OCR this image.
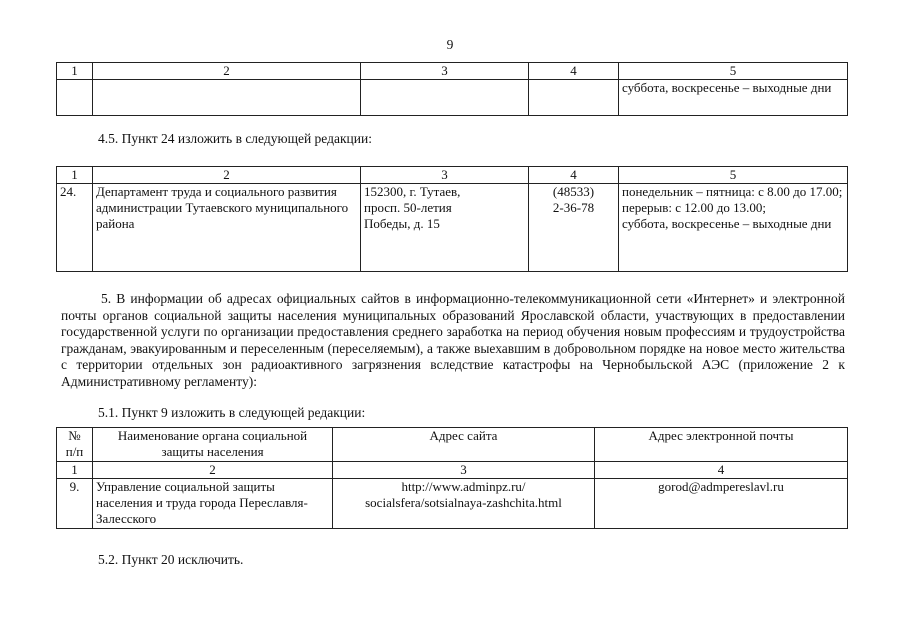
9
1	2	3	4	5
				суббота, воскресенье – выходные дни
4.5. Пункт 24 изложить в следующей редакции:
1	2	3	4	5
24.	Департамент труда и социального развития администрации Тутаевского муниципального района	152300, г. Тутаев,
просп. 50-летия
Победы, д. 15	(48533)
2-36-78	понедельник – пятница: с 8.00 до 17.00;
перерыв: с 12.00 до 13.00;
суббота, воскресенье – выходные дни
5. В информации об адресах официальных сайтов в информационно-телекоммуникационной сети «Интернет» и электронной почты органов социальной защиты населения муниципальных образований Ярославской области, участвующих в предоставлении государственной услуги по организации предоставления среднего заработка на период обучения новым профессиям и трудоустройства гражданам, эвакуированным и переселенным (переселяемым), а также выехавшим в добровольном порядке на новое место жительства с территории отдельных зон радиоактивного загрязнения вследствие катастрофы на Чернобыльской АЭС (приложение 2 к Административному регламенту):
5.1. Пункт 9 изложить в следующей редакции:
№
п/п	Наименование органа социальной защиты населения	Адрес сайта	Адрес электронной почты
1	2	3	4
9.	Управление социальной защиты населения и труда города Переславля-Залесского	http://www.adminpz.ru/
socialsfera/sotsialnaya-zashchita.html	gorod@admpereslavl.ru
5.2. Пункт 20 исключить.
